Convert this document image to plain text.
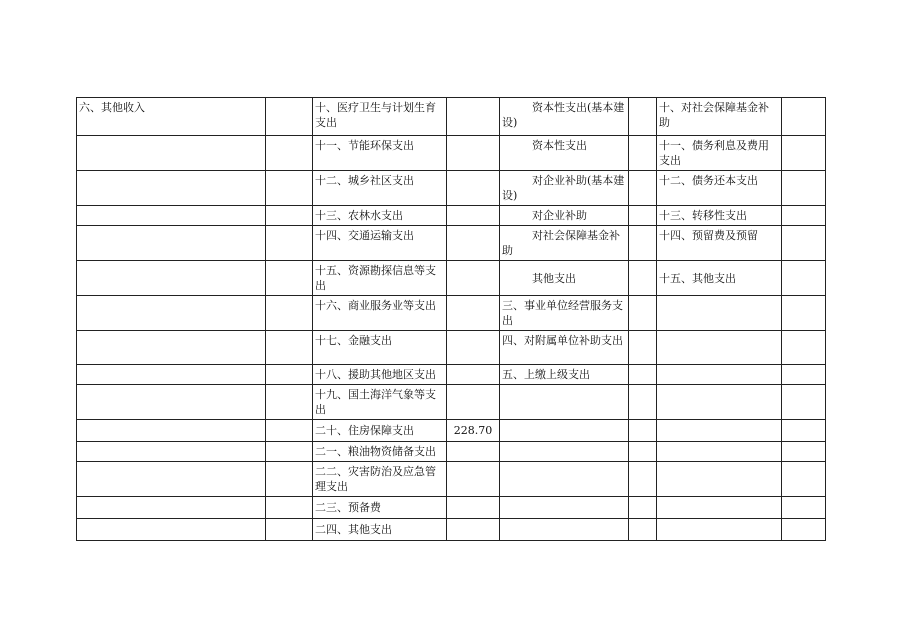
六、其他收入		十、医疗卫生与计划生育支出		资本性支出(基本建设)		十、对社会保障基金补助	
		十一、节能环保支出		资本性支出		十一、债务利息及费用支出	
		十二、城乡社区支出		对企业补助(基本建设)		十二、债务还本支出	
		十三、农林水支出		对企业补助		十三、转移性支出	
		十四、交通运输支出		对社会保障基金补助		十四、预留费及预留	
		十五、资源勘探信息等支出		其他支出		十五、其他支出	
		十六、商业服务业等支出		三、事业单位经营服务支出			
		十七、金融支出		四、对附属单位补助支出			
		十八、援助其他地区支出		五、上缴上级支出			
		十九、国土海洋气象等支出					
		二十、住房保障支出	228.70				
		二一、粮油物资储备支出					
		二二、灾害防治及应急管理支出					
		二三、预备费					
		二四、其他支出					
